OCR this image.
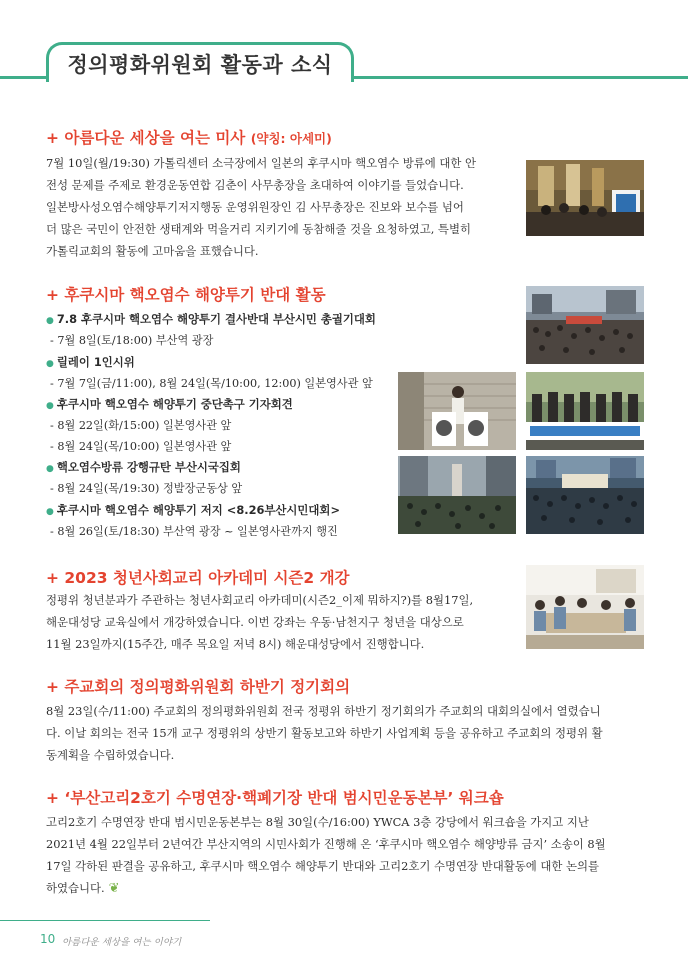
정의평화위원회 활동과 소식
+ 아름다운 세상을 여는 미사 (약칭: 아세미)
7월 10일(월/19:30) 가톨릭센터 소극장에서 일본의 후쿠시마 핵오염수 방류에 대한 안
전성 문제를 주제로 환경운동연합 김춘이 사무총장을 초대하여 이야기를 들었습니다.
일본방사성오염수해양투기저지행동 운영위원장인 김 사무총장은 진보와 보수를 넘어
더 많은 국민이 안전한 생태계와 먹을거리 지키기에 동참해줄 것을 요청하였고, 특별히
가톨릭교회의 활동에 고마움을 표했습니다.
+ 후쿠시마 핵오염수 해양투기 반대 활동
● 7.8 후쿠시마 핵오염수 해양투기 결사반대 부산시민 총궐기대회
- 7월 8일(토/18:00) 부산역 광장
● 릴레이 1인시위
- 7월 7일(금/11:00), 8월 24일(목/10:00, 12:00) 일본영사관 앞
● 후쿠시마 핵오염수 해양투기 중단촉구 기자회견
- 8월 22일(화/15:00) 일본영사관 앞
- 8월 24일(목/10:00) 일본영사관 앞
● 핵오염수방류 강행규탄 부산시국집회
- 8월 24일(목/19:30) 정발장군동상 앞
● 후쿠시마 핵오염수 해양투기 저지 <8.26부산시민대회>
- 8월 26일(토/18:30) 부산역 광장 ~ 일본영사관까지 행진
+ 2023 청년사회교리 아카데미 시즌2 개강
정평위 청년분과가 주관하는 청년사회교리 아카데미(시즌2_이제 뭐하지?)를 8월17일,
해운대성당 교육실에서 개강하였습니다. 이번 강좌는 우동·남천지구 청년을 대상으로
11월 23일까지(15주간, 매주 목요일 저녁 8시) 해운대성당에서 진행합니다.
+ 주교회의 정의평화위원회 하반기 정기회의
8월 23일(수/11:00) 주교회의 정의평화위원회 전국 정평위 하반기 정기회의가 주교회의 대회의실에서 열렸습니
다. 이날 회의는 전국 15개 교구 정평위의 상반기 활동보고와 하반기 사업계획 등을 공유하고 주교회의 정평위 활
동계획을 수립하였습니다.
+ ‘부산고리2호기 수명연장·핵폐기장 반대 범시민운동본부’ 워크숍
고리2호기 수명연장 반대 범시민운동본부는 8월 30일(수/16:00) YWCA 3층 강당에서 워크숍을 가지고 지난
2021년 4월 22일부터 2년여간 부산지역의 시민사회가 진행해 온 ‘후쿠시마 핵오염수 해양방류 금지’ 소송이 8월
17일 각하된 판결을 공유하고, 후쿠시마 핵오염수 해양투기 반대와 고리2호기 수명연장 반대활동에 대한 논의를
하였습니다. ❦
10 아름다운 세상을 여는 이야기
